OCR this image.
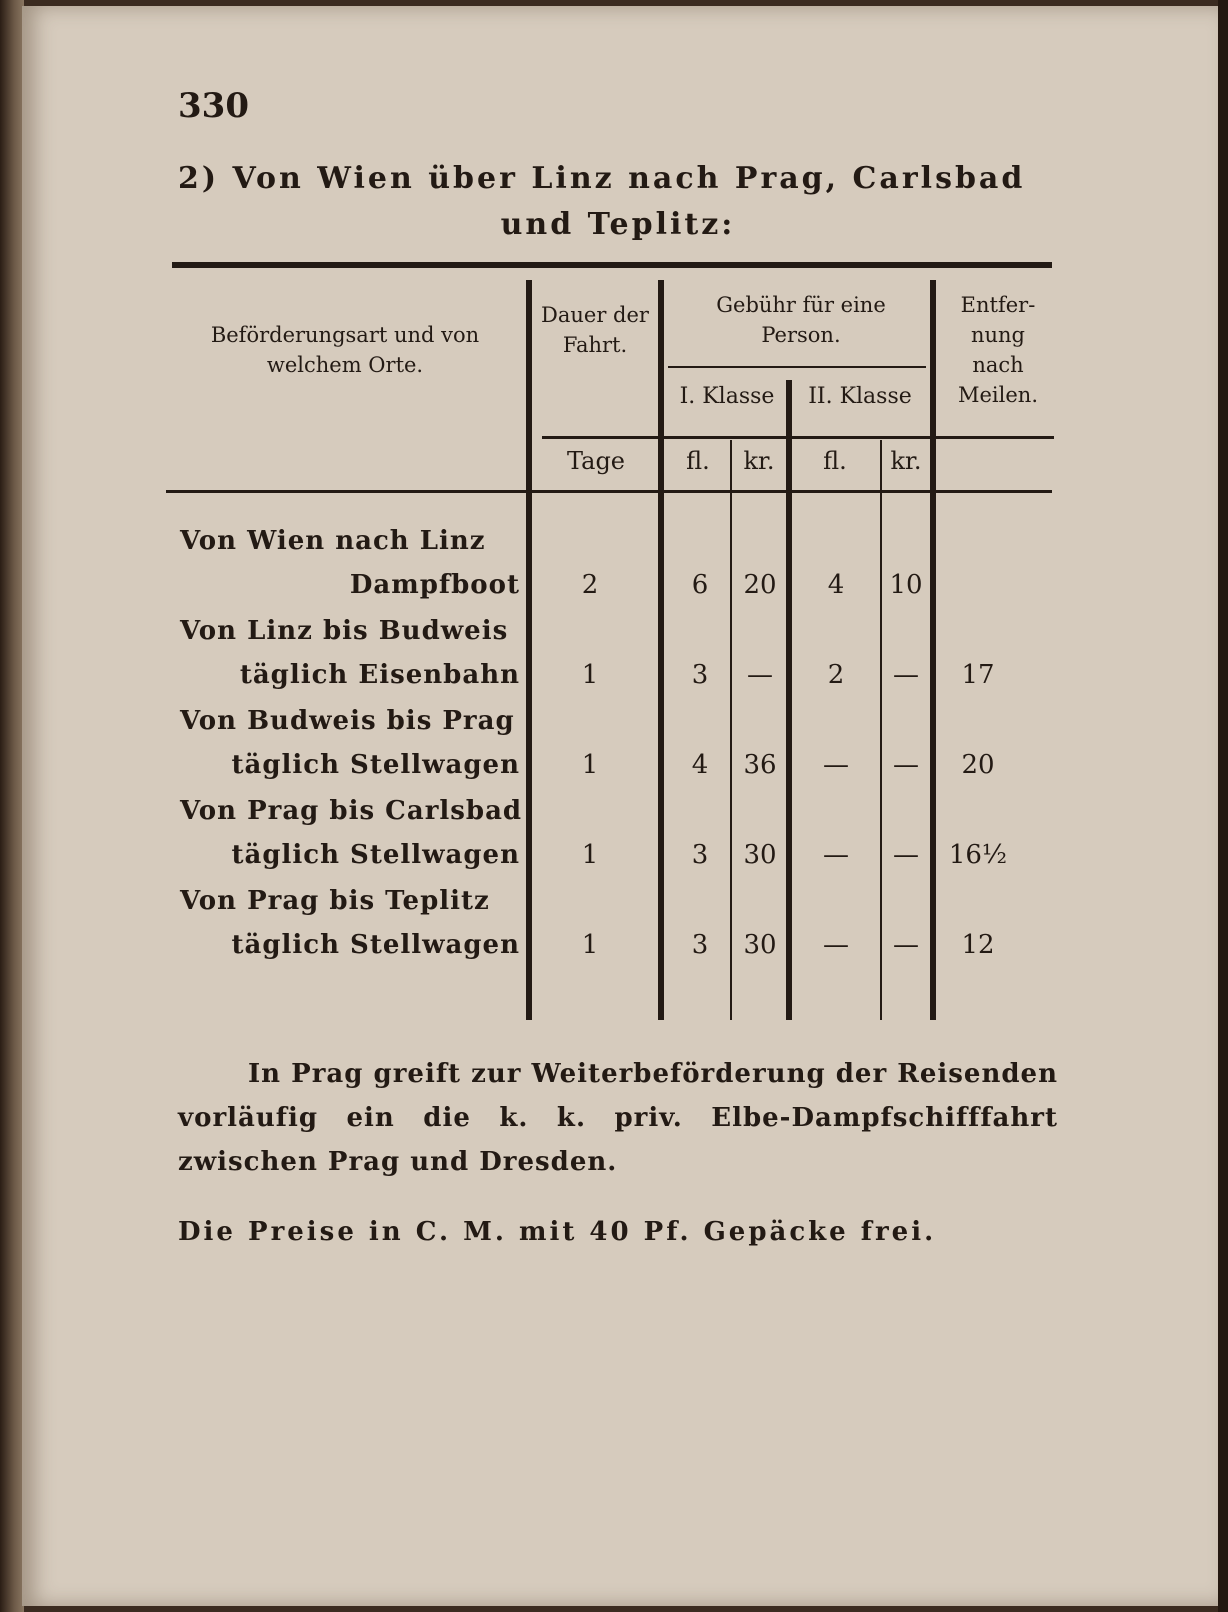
330
2) Von Wien über Linz nach Prag, Carlsbad
und Teplitz:
Beförderungsart und von welchem Orte.
Dauer der Fahrt.
Gebühr für eine Person.
I. Klasse	II. Klasse
Entfer- nung nach Meilen.
Tage	fl.	kr.	fl.	kr.
Von Wien nach Linz
Dampfboot	2	6	20	4	10
Von Linz bis Budweis
täglich Eisenbahn	1	3	—	2	—	17
Von Budweis bis Prag
täglich Stellwagen	1	4	36	—	—	20
Von Prag bis Carlsbad
täglich Stellwagen	1	3	30	—	—	16½
Von Prag bis Teplitz
täglich Stellwagen	1	3	30	—	—	12
In Prag greift zur Weiterbeförderung der Reisenden vorläufig ein die k. k. priv. Elbe-Dampfschifffahrt zwischen Prag und Dresden.
Die Preise in C. M. mit 40 Pf. Gepäcke frei.
